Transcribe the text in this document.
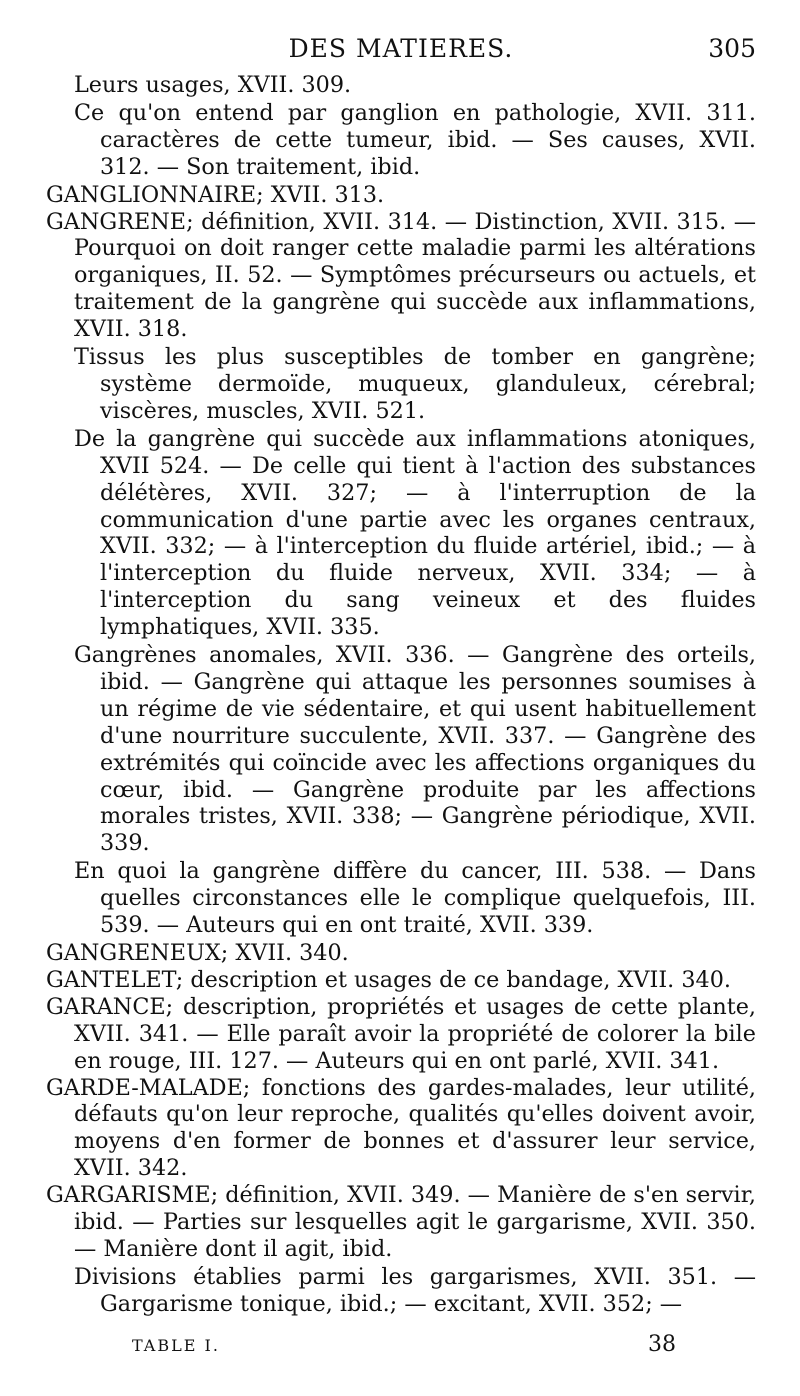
DES MATIERES.	305

Leurs usages, XVII. 309.

Ce qu'on entend par ganglion en pathologie, XVII. 311. caractères de cette tumeur, ibid. — Ses causes, XVII. 312. — Son traitement, ibid.

GANGLIONNAIRE; XVII. 313.

GANGRENE; définition, XVII. 314. — Distinction, XVII. 315. — Pourquoi on doit ranger cette maladie parmi les altérations organiques, II. 52. — Symptômes précurseurs ou actuels, et traitement de la gangrène qui succède aux inflammations, XVII. 318.

Tissus les plus susceptibles de tomber en gangrène; système dermoïde, muqueux, glanduleux, cérebral; viscères, muscles, XVII. 521.

De la gangrène qui succède aux inflammations atoniques, XVII 524. — De celle qui tient à l'action des substances délétères, XVII. 327; — à l'interruption de la communication d'une partie avec les organes centraux, XVII. 332; — à l'interception du fluide artériel, ibid.; — à l'interception du fluide nerveux, XVII. 334; — à l'interception du sang veineux et des fluides lymphatiques, XVII. 335.

Gangrènes anomales, XVII. 336. — Gangrène des orteils, ibid. — Gangrène qui attaque les personnes soumises à un régime de vie sédentaire, et qui usent habituellement d'une nourriture succulente, XVII. 337. — Gangrène des extrémités qui coïncide avec les affections organiques du cœur, ibid. — Gangrène produite par les affections morales tristes, XVII. 338; — Gangrène périodique, XVII. 339.

En quoi la gangrène diffère du cancer, III. 538. — Dans quelles circonstances elle le complique quelquefois, III. 539. — Auteurs qui en ont traité, XVII. 339.

GANGRENEUX; XVII. 340.

GANTELET; description et usages de ce bandage, XVII. 340.

GARANCE; description, propriétés et usages de cette plante, XVII. 341. — Elle paraît avoir la propriété de colorer la bile en rouge, III. 127. — Auteurs qui en ont parlé, XVII. 341.

GARDE-MALADE; fonctions des gardes-malades, leur utilité, défauts qu'on leur reproche, qualités qu'elles doivent avoir, moyens d'en former de bonnes et d'assurer leur service, XVII. 342.

GARGARISME; définition, XVII. 349. — Manière de s'en servir, ibid. — Parties sur lesquelles agit le gargarisme, XVII. 350. — Manière dont il agit, ibid.

Divisions établies parmi les gargarismes, XVII. 351. — Gargarisme tonique, ibid.; — excitant, XVII. 352; —

TABLE I.	38
